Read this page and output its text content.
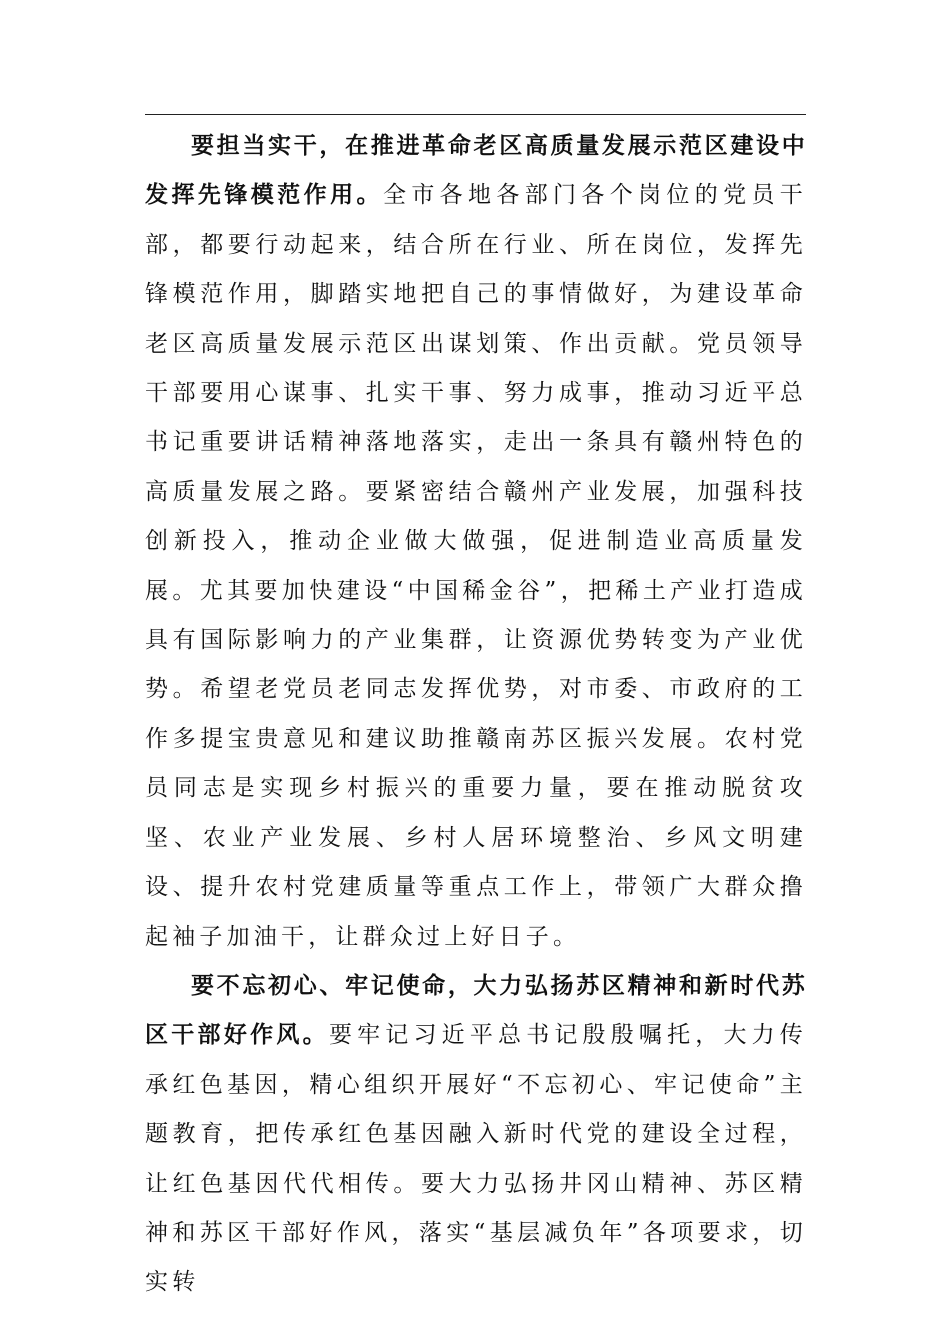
要担当实干，在推进革命老区高质量发展示范区建设中发挥先锋模范作用。全市各地各部门各个岗位的党员干部，都要行动起来，结合所在行业、所在岗位，发挥先锋模范作用，脚踏实地把自己的事情做好，为建设革命老区高质量发展示范区出谋划策、作出贡献。党员领导干部要用心谋事、扎实干事、努力成事，推动习近平总书记重要讲话精神落地落实，走出一条具有赣州特色的高质量发展之路。要紧密结合赣州产业发展，加强科技创新投入，推动企业做大做强，促进制造业高质量发展。尤其要加快建设“中国稀金谷”，把稀土产业打造成具有国际影响力的产业集群，让资源优势转变为产业优势。希望老党员老同志发挥优势，对市委、市政府的工作多提宝贵意见和建议助推赣南苏区振兴发展。农村党员同志是实现乡村振兴的重要力量，要在推动脱贫攻坚、农业产业发展、乡村人居环境整治、乡风文明建设、提升农村党建质量等重点工作上，带领广大群众撸起袖子加油干，让群众过上好日子。

要不忘初心、牢记使命，大力弘扬苏区精神和新时代苏区干部好作风。要牢记习近平总书记殷殷嘱托，大力传承红色基因，精心组织开展好“不忘初心、牢记使命”主题教育，把传承红色基因融入新时代党的建设全过程，让红色基因代代相传。要大力弘扬井冈山精神、苏区精神和苏区干部好作风，落实“基层减负年”各项要求，切实转
